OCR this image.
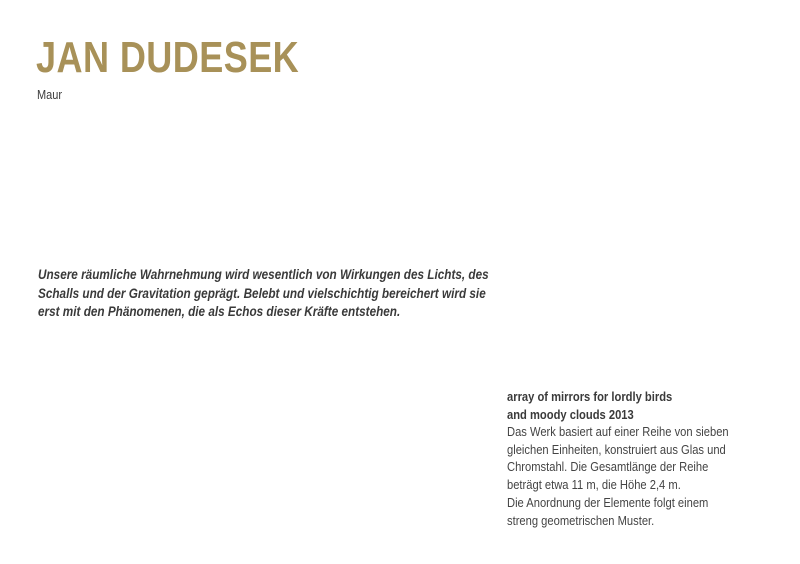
JAN DUDESEK

Maur

Unsere räumliche Wahrnehmung wird wesentlich von Wirkungen des Lichts, des
Schalls und der Gravitation geprägt. Belebt und vielschichtig bereichert wird sie
erst mit den Phänomenen, die als Echos dieser Kräfte entstehen.

array of mirrors for lordly birds
and moody clouds 2013
Das Werk basiert auf einer Reihe von sieben
gleichen Einheiten, konstruiert aus Glas und
Chromstahl. Die Gesamtlänge der Reihe
beträgt etwa 11 m, die Höhe 2,4 m.
Die Anordnung der Elemente folgt einem
streng geometrischen Muster.
